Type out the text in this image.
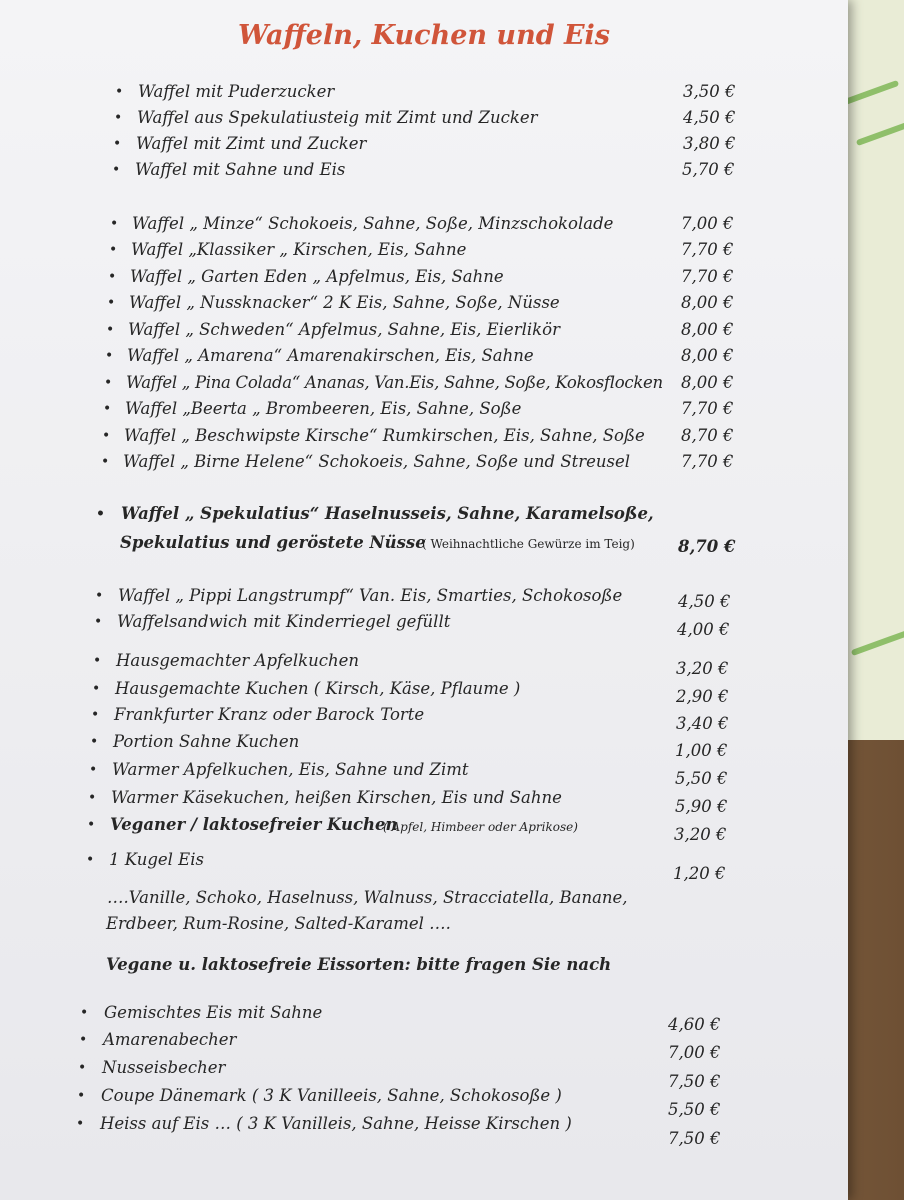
Waffeln, Kuchen und Eis
• Waffel mit Puderzucker	3,50 €
• Waffel aus Spekulatiusteig mit Zimt und Zucker	4,50 €
• Waffel mit Zimt und Zucker	3,80 €
• Waffel mit Sahne und Eis	5,70 €
• Waffel „ Minze“ Schokoeis, Sahne, Soße, Minzschokolade	7,00 €
• Waffel „Klassiker „ Kirschen, Eis, Sahne	7,70 €
• Waffel „ Garten Eden „ Apfelmus, Eis, Sahne	7,70 €
• Waffel „ Nussknacker“ 2 K Eis, Sahne, Soße, Nüsse	8,00 €
• Waffel „ Schweden“ Apfelmus, Sahne, Eis, Eierlikör	8,00 €
• Waffel „ Amarena“ Amarenakirschen, Eis, Sahne	8,00 €
• Waffel „ Pina Colada“ Ananas, Van.Eis, Sahne, Soße, Kokosflocken 8,00 €
• Waffel „Beerta „ Brombeeren, Eis, Sahne, Soße	7,70 €
• Waffel „ Beschwipste Kirsche“ Rumkirschen, Eis, Sahne, Soße 8,70 €
• Waffel „ Birne Helene“ Schokoeis, Sahne, Soße und Streusel	7,70 €
• Waffel „ Spekulatius“ Haselnusseis, Sahne, Karamelsoße,
Spekulatius und geröstete Nüsse
( Weihnachtliche Gewürze im Teig)	8,70 €
• Waffel „ Pippi Langstrumpf“ Van. Eis, Smarties, Schokosoße	4,50 €
• Waffelsandwich mit Kinderriegel gefüllt	4,00 €
• Hausgemachter Apfelkuchen	3,20 €
• Hausgemachte Kuchen ( Kirsch, Käse, Pflaume )	2,90 €
• Frankfurter Kranz oder Barock Torte	3,40 €
• Portion Sahne Kuchen	1,00 €
• Warmer Apfelkuchen, Eis, Sahne und Zimt	5,50 €
• Warmer Käsekuchen, heißen Kirschen, Eis und Sahne	5,90 €
• Veganer / laktosefreier Kuchen
( Apfel, Himbeer oder Aprikose)	3,20 €
• 1 Kugel Eis
1,20 €
….Vanille, Schoko, Haselnuss, Walnuss, Stracciatella, Banane,
Erdbeer, Rum-Rosine, Salted-Karamel ….
Vegane u. laktosefreie Eissorten: bitte fragen Sie nach
• Gemischtes Eis mit Sahne
4,60 €
• Amarenabecher
7,00 €
• Nusseisbecher
7,50 €
• Coupe Dänemark ( 3 K Vanilleeis, Sahne, Schokosoße )
5,50 €
• Heiss auf Eis … ( 3 K Vanilleis, Sahne, Heisse Kirschen )
7,50 €
